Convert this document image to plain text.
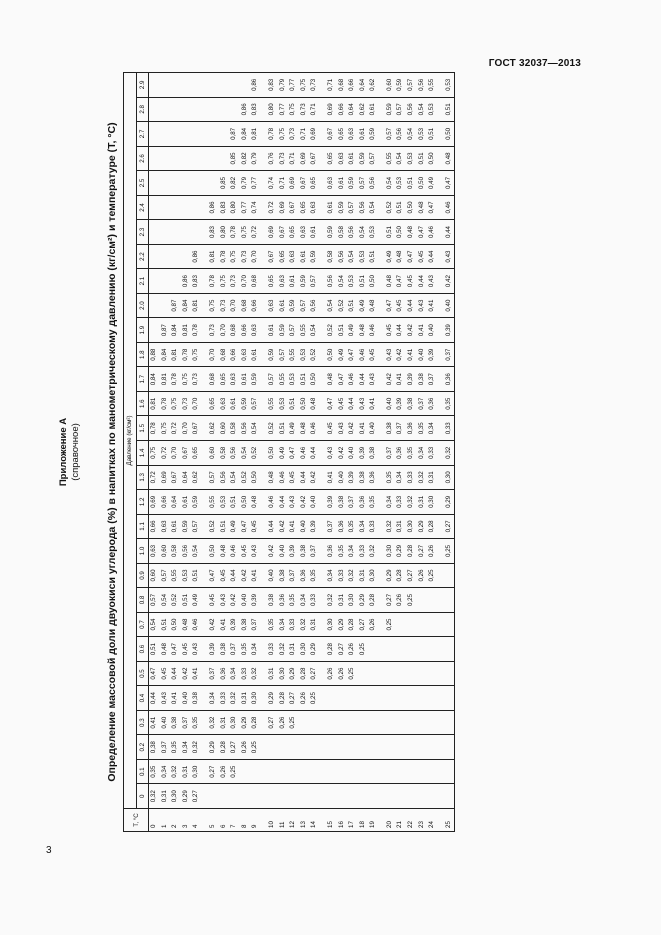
ГОСТ 32037—2013
Приложение А (справочное) Определение массовой доли двуокиси углерода (%) в напитках по манометрическому давлению (кг/см²) и температуре (Т, °С)
Т, °С	Давление (кг/см²)																													
	0	0.1	0.2	0.3	0.4	0.5	0.6	0.7	0.8	0.9	1.0	1.1	1.2	1.3	1.4	1.5	1.6	1.7	1.8	1.9	2.0	2.1	2.2	2.3	2.4	2.5	2.6	2.7	2.8	2.9
0	0,32	0,35	0,38	0,41	0,44	0,47	0,51	0,54	0,57	0,60	0,63	0,66	0,69	0,72	0,75	0,78	0,81	0,84	0,88											
1	0,31	0,34	0,37	0,40	0,43	0,45	0,48	0,51	0,54	0,57	0,60	0,63	0,66	0,69	0,72	0,75	0,78	0,81	0,84	0,87										
2	0,30	0,32	0,35	0,38	0,41	0,44	0,47	0,50	0,52	0,55	0,58	0,61	0,64	0,67	0,70	0,72	0,75	0,78	0,81	0,84	0,87									
3	0,29	0,31	0,34	0,37	0,40	0,42	0,45	0,48	0,51	0,53	0,56	0,59	0,61	0,64	0,67	0,70	0,73	0,75	0,78	0,81	0,84	0,86								
4	0,27	0,30	0,32	0,35	0,38	0,41	0,43	0,46	0,49	0,51	0,54	0,57	0,59	0,62	0,65	0,67	0,70	0,73	0,75	0,78	0,81	0,83	0,86							
5		0,27	0,29	0,32	0,34	0,37	0,39	0,42	0,45	0,47	0,50	0,52	0,55	0,57	0,60	0,62	0,65	0,68	0,70	0,73	0,75	0,78	0,81	0,83	0,86					
6		0,26	0,28	0,31	0,33	0,36	0,38	0,41	0,43	0,45	0,48	0,51	0,53	0,56	0,58	0,60	0,63	0,65	0,68	0,70	0,73	0,75	0,78	0,80	0,83	0,85				
7		0,25	0,27	0,30	0,32	0,34	0,37	0,39	0,42	0,44	0,46	0,49	0,51	0,54	0,56	0,58	0,61	0,63	0,66	0,68	0,70	0,73	0,75	0,78	0,80	0,82	0,85	0,87		
8			0,26	0,29	0,31	0,33	0,35	0,38	0,40	0,42	0,45	0,47	0,50	0,52	0,54	0,56	0,59	0,61	0,63	0,66	0,68	0,70	0,73	0,75	0,77	0,79	0,82	0,84	0,86	
9			0,25	0,28	0,30	0,32	0,34	0,37	0,39	0,41	0,43	0,45	0,48	0,50	0,52	0,54	0,57	0,59	0,61	0,63	0,66	0,68	0,70	0,72	0,74	0,77	0,79	0,81	0,83	0,86
10				0,27	0,29	0,31	0,33	0,35	0,38	0,40	0,42	0,44	0,46	0,48	0,50	0,52	0,55	0,57	0,59	0,61	0,63	0,65	0,67	0,69	0,72	0,74	0,76	0,78	0,80	0,83
11				0,26	0,28	0,30	0,32	0,34	0,36	0,38	0,40	0,42	0,44	0,46	0,49	0,51	0,53	0,55	0,57	0,59	0,61	0,63	0,65	0,67	0,69	0,71	0,73	0,75	0,77	0,79
12				0,25	0,27	0,29	0,31	0,33	0,35	0,37	0,39	0,41	0,43	0,45	0,47	0,49	0,51	0,53	0,55	0,57	0,59	0,61	0,63	0,65	0,67	0,69	0,71	0,73	0,75	0,77
13					0,26	0,28	0,30	0,32	0,34	0,36	0,38	0,40	0,42	0,44	0,46	0,48	0,50	0,51	0,53	0,55	0,57	0,59	0,61	0,63	0,65	0,67	0,69	0,71	0,73	0,75
14					0,25	0,27	0,29	0,31	0,33	0,35	0,37	0,39	0,40	0,42	0,44	0,46	0,48	0,50	0,52	0,54	0,56	0,57	0,59	0,61	0,63	0,65	0,67	0,69	0,71	0,73
15						0,26	0,28	0,30	0,32	0,34	0,36	0,37	0,39	0,41	0,43	0,45	0,47	0,48	0,50	0,52	0,54	0,56	0,58	0,59	0,61	0,63	0,65	0,67	0,69	0,71
16						0,26	0,27	0,29	0,31	0,33	0,35	0,36	0,38	0,40	0,42	0,43	0,45	0,47	0,49	0,51	0,52	0,54	0,56	0,58	0,59	0,61	0,63	0,65	0,66	0,68
17						0,25	0,26	0,28	0,30	0,32	0,34	0,35	0,37	0,39	0,40	0,42	0,44	0,46	0,47	0,49	0,51	0,53	0,54	0,56	0,57	0,59	0,61	0,63	0,64	0,66
18							0,25	0,27	0,29	0,31	0,33	0,34	0,36	0,38	0,39	0,41	0,43	0,44	0,46	0,48	0,49	0,51	0,53	0,54	0,56	0,57	0,59	0,61	0,62	0,64
19								0,26	0,28	0,30	0,32	0,33	0,35	0,36	0,38	0,40	0,41	0,43	0,45	0,46	0,48	0,50	0,51	0,53	0,54	0,56	0,57	0,59	0,61	0,62
20								0,25	0,27	0,29	0,30	0,32	0,34	0,35	0,37	0,38	0,40	0,42	0,43	0,45	0,47	0,48	0,49	0,51	0,52	0,54	0,55	0,57	0,59	0,60
21									0,26	0,28	0,29	0,31	0,33	0,34	0,36	0,37	0,39	0,41	0,42	0,44	0,45	0,47	0,48	0,50	0,51	0,53	0,54	0,56	0,57	0,59
22									0,25	0,27	0,28	0,30	0,32	0,33	0,35	0,36	0,38	0,39	0,41	0,42	0,44	0,45	0,47	0,48	0,50	0,51	0,53	0,54	0,56	0,57
23										0,26	0,27	0,29	0,31	0,32	0,34	0,35	0,37	0,38	0,40	0,41	0,43	0,44	0,45	0,47	0,48	0,50	0,51	0,53	0,54	0,56
24										0,25	0,26	0,28	0,30	0,31	0,33	0,34	0,36	0,37	0,39	0,40	0,41	0,43	0,44	0,46	0,47	0,49	0,50	0,51	0,53	0,55
25											0,25	0,27	0,29	0,30	0,32	0,33	0,35	0,36	0,37	0,39	0,40	0,42	0,43	0,44	0,46	0,47	0,48	0,50	0,51	0,53
3
